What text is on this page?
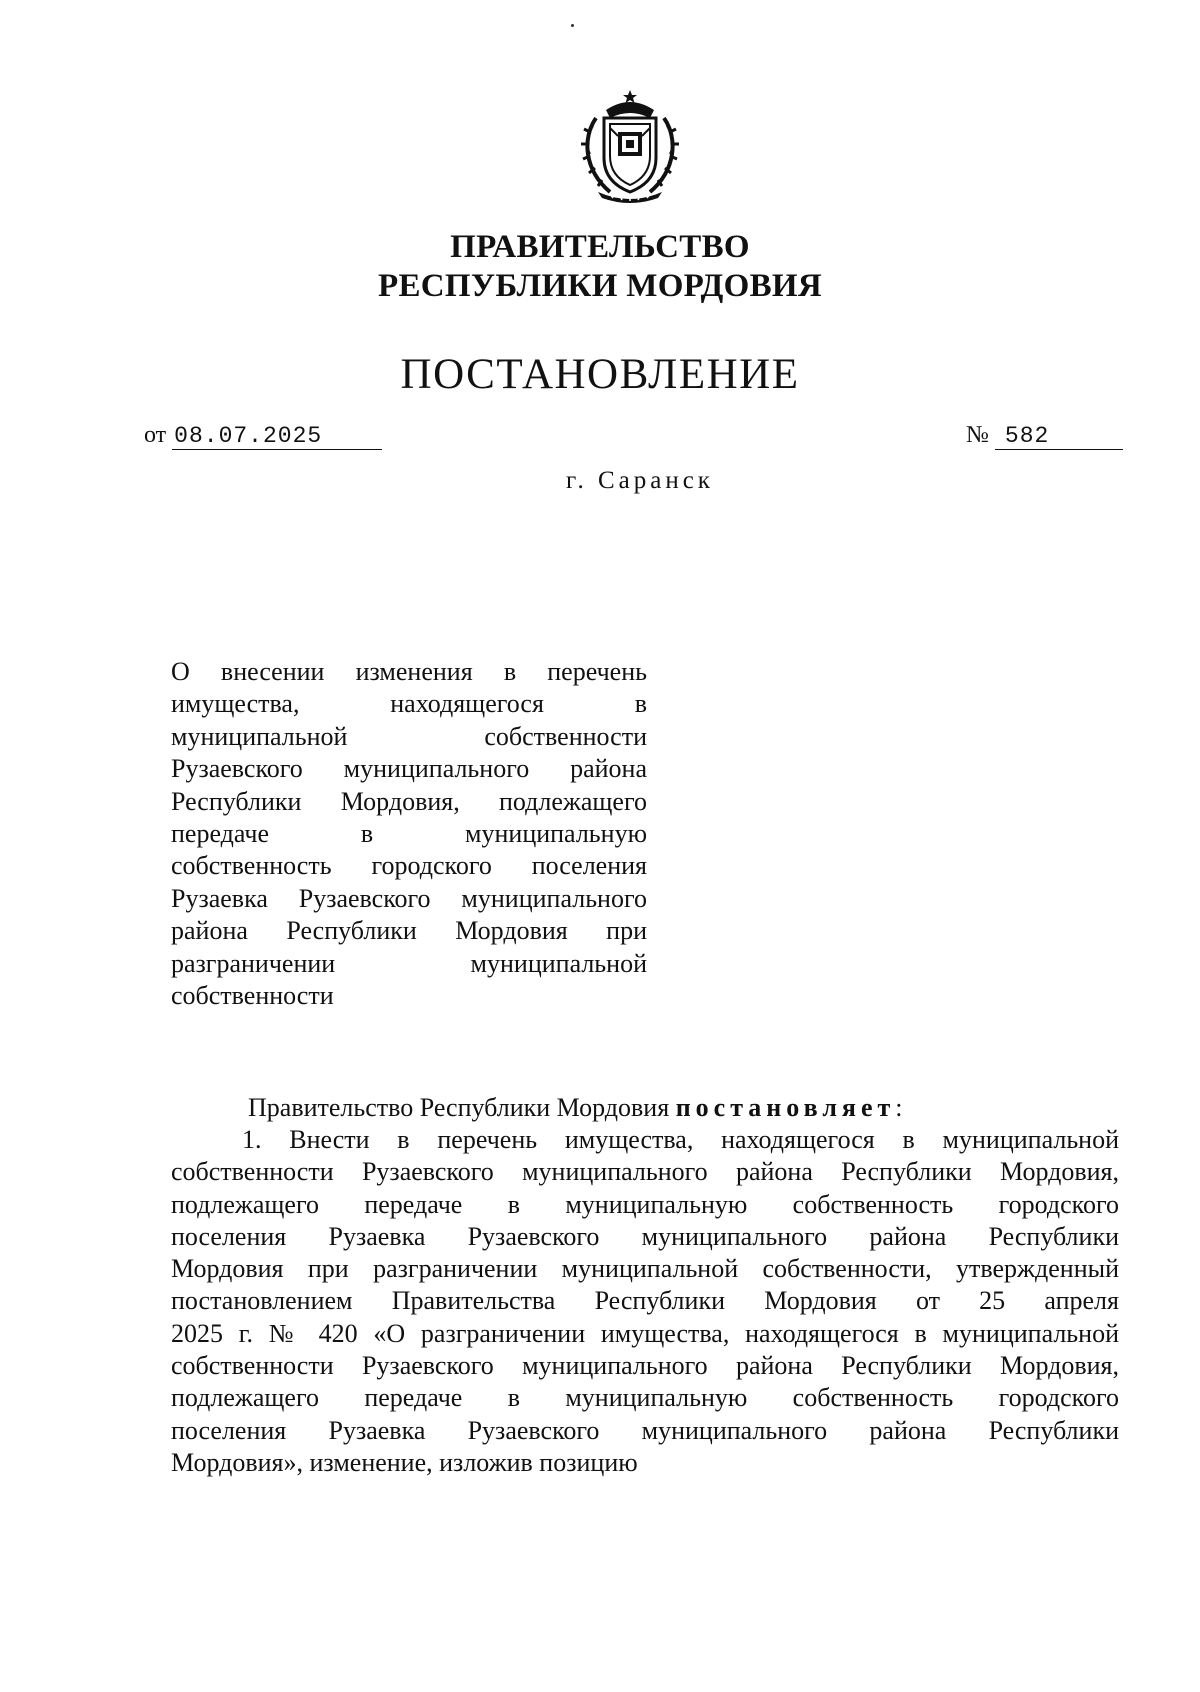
ПРАВИТЕЛЬСТВО
РЕСПУБЛИКИ МОРДОВИЯ
ПОСТАНОВЛЕНИЕ
от 08.07.2025	№ 582
г. Саранск
О внесении изменения в перечень
имущества, находящегося в
муниципальной собственности
Рузаевского муниципального района
Республики Мордовия, подлежащего
передаче в муниципальную
собственность городского поселения
Рузаевка Рузаевского муниципального
района Республики Мордовия при
разграничении муниципальной
собственности
Правительство Республики Мордовия постановляет:
1. Внести в перечень имущества, находящегося в муниципальной
собственности Рузаевского муниципального района Республики Мордовия,
подлежащего передаче в муниципальную собственность городского
поселения Рузаевка Рузаевского муниципального района Республики
Мордовия при разграничении муниципальной собственности, утвержденный
постановлением Правительства Республики Мордовия от 25 апреля
2025 г. № 420 «О разграничении имущества, находящегося в муниципальной
собственности Рузаевского муниципального района Республики Мордовия,
подлежащего передаче в муниципальную собственность городского
поселения Рузаевка Рузаевского муниципального района Республики
Мордовия», изменение, изложив позицию
